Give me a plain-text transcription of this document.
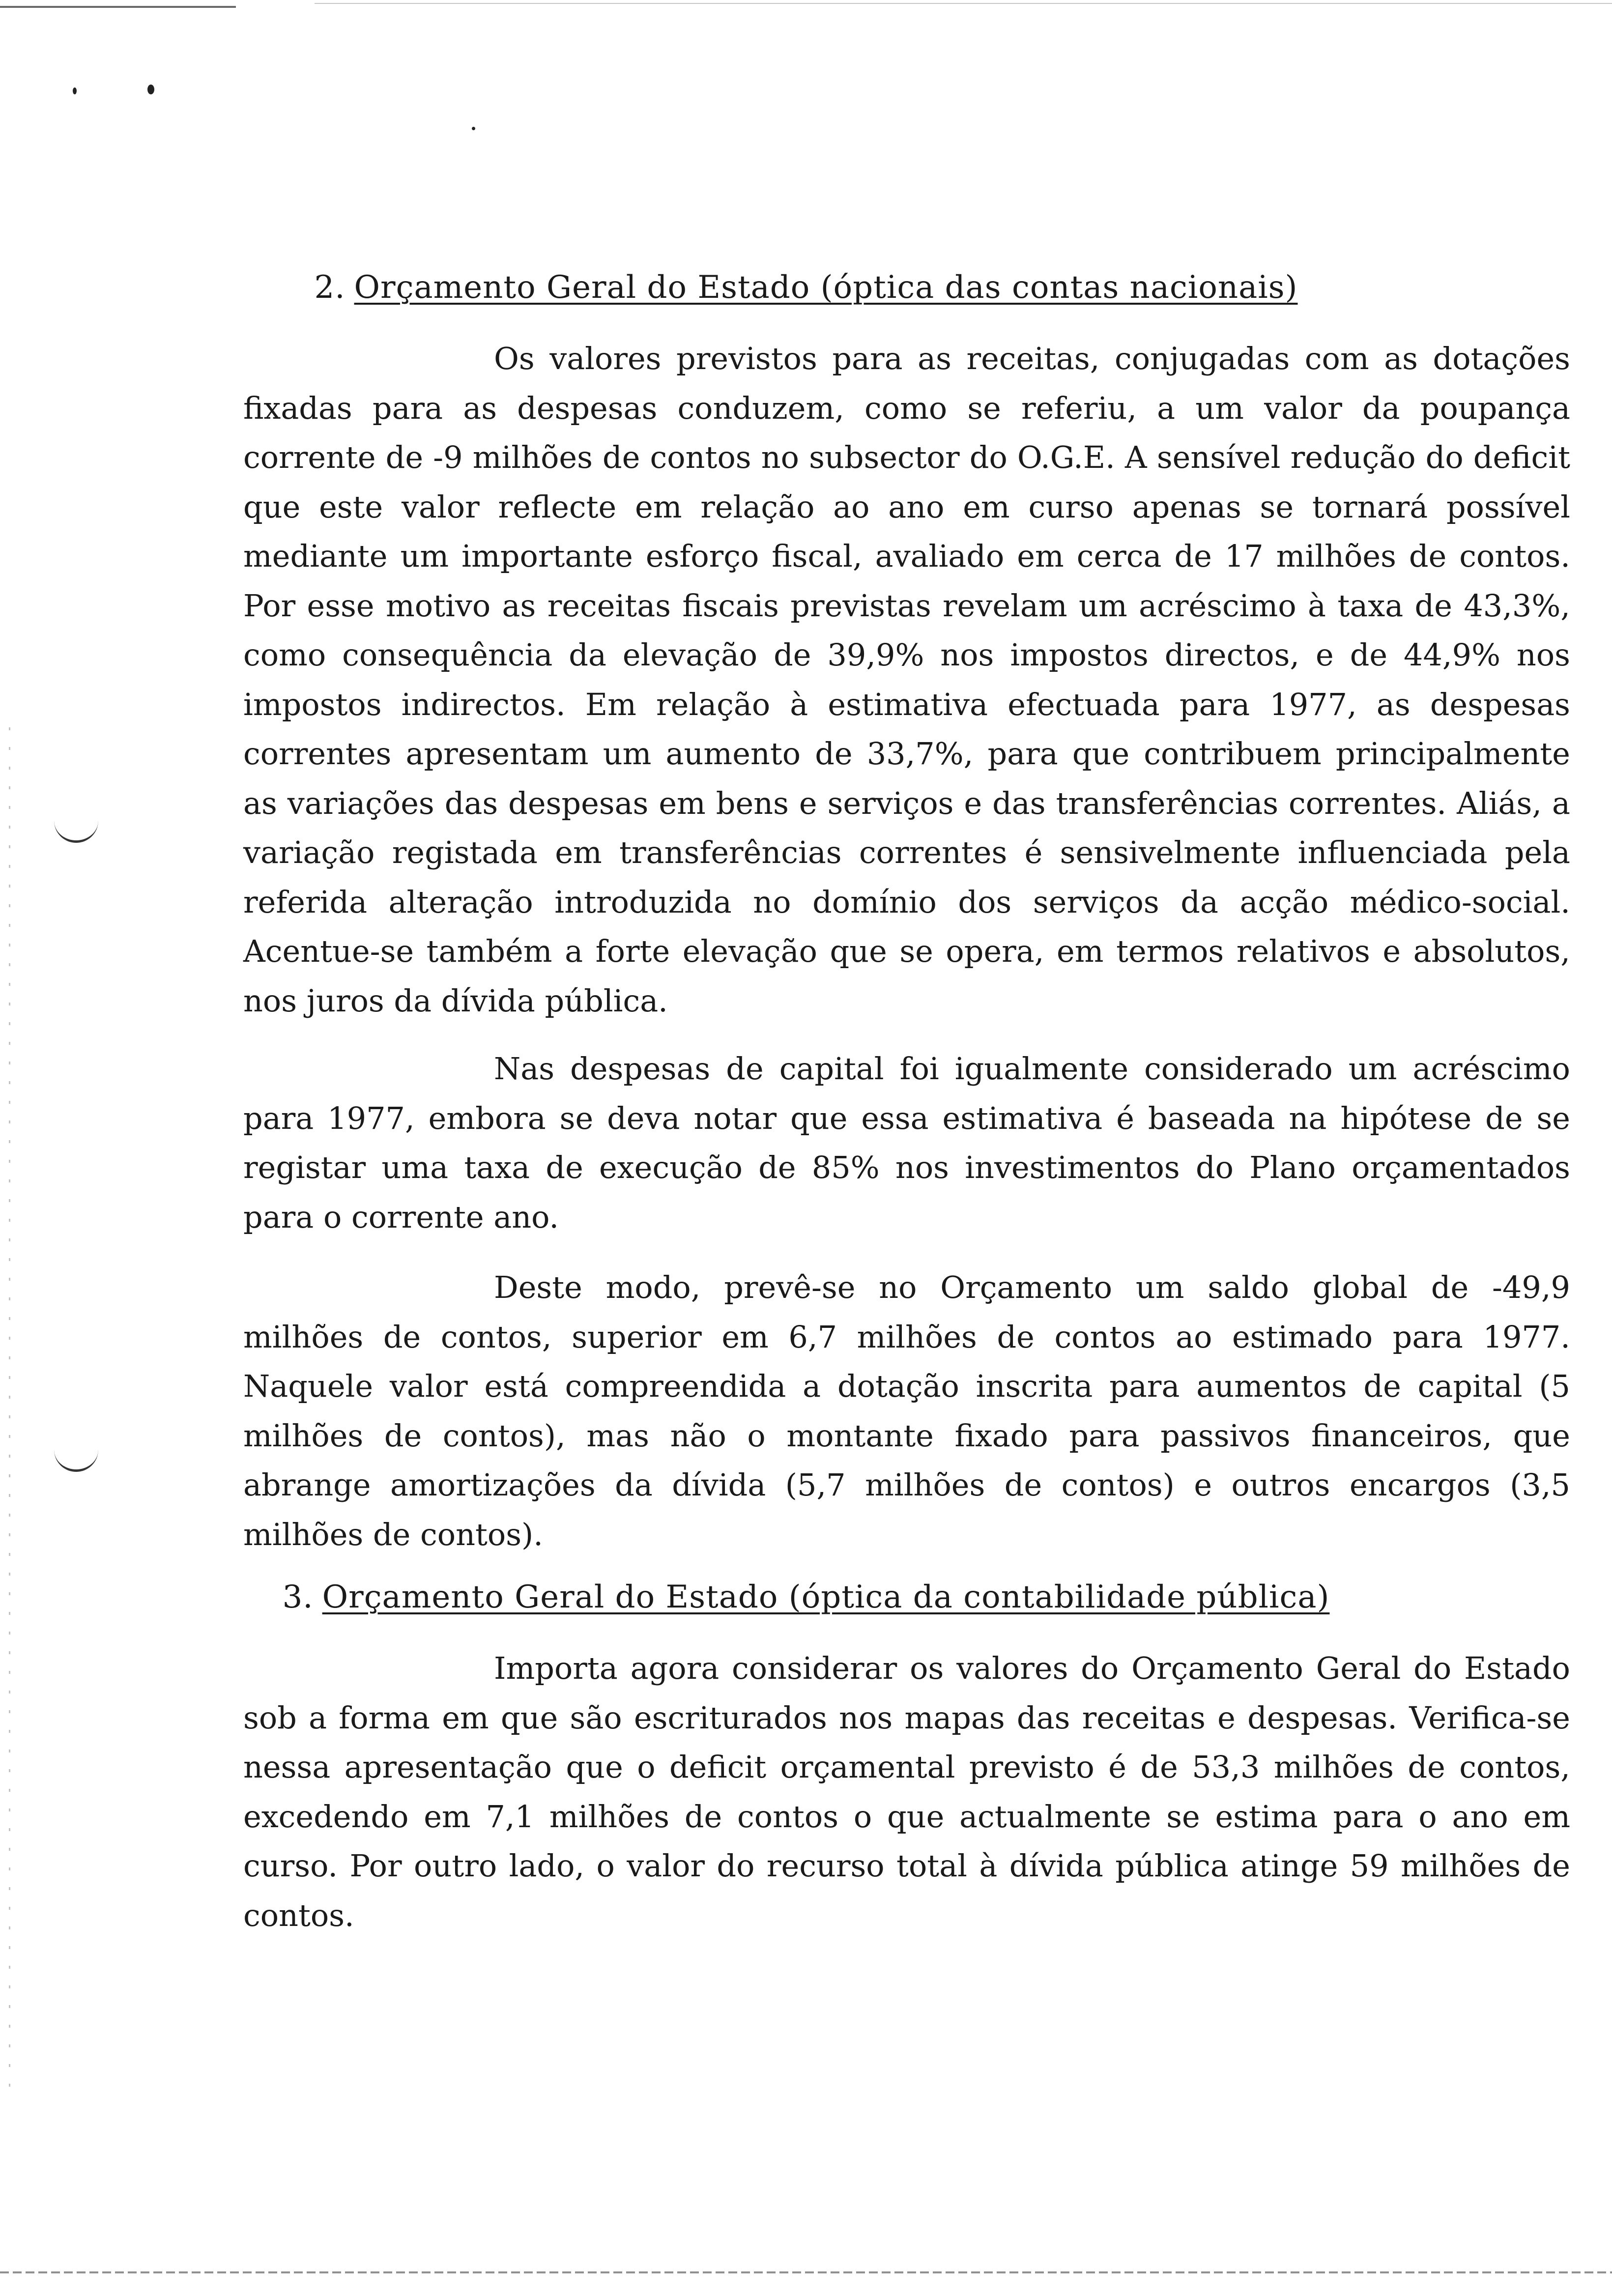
2. Orçamento Geral do Estado (óptica das contas nacionais)

Os valores previstos para as receitas, conjugadas com as dotações fixadas para as despesas conduzem, como se referiu, a um valor da poupança corrente de -9 milhões de contos no subsector do O.G.E. A sensível redução do deficit que este valor reflecte em relação ao ano em curso apenas se tornará possível mediante um importante esforço fiscal, avaliado em cerca de 17 milhões de contos. Por esse motivo as receitas fiscais previstas revelam um acréscimo à taxa de 43,3%, como consequência da elevação de 39,9% nos impostos directos, e de 44,9% nos impostos indirectos. Em relação à estimativa efectuada para 1977, as despesas correntes apresentam um aumento de 33,7%, para que contribuem principalmente as variações das despesas em bens e serviços e das transferências correntes. Aliás, a variação registada em transferências correntes é sensivelmente influenciada pela referida alteração introduzida no domínio dos serviços da acção médico-social. Acentue-se também a forte elevação que se opera, em termos relativos e absolutos, nos juros da dívida pública.

Nas despesas de capital foi igualmente considerado um acréscimo para 1977, embora se deva notar que essa estimativa é baseada na hipótese de se registar uma taxa de execução de 85% nos investimentos do Plano orçamentados para o corrente ano.

Deste modo, prevê-se no Orçamento um saldo global de -49,9 milhões de contos, superior em 6,7 milhões de contos ao estimado para 1977. Naquele valor está compreendida a dotação inscrita para aumentos de capital (5 milhões de contos), mas não o montante fixado para passivos financeiros, que abrange amortizações da dívida (5,7 milhões de contos) e outros encargos (3,5 milhões de contos).

3. Orçamento Geral do Estado (óptica da contabilidade pública)

Importa agora considerar os valores do Orçamento Geral do Estado sob a forma em que são escriturados nos mapas das receitas e despesas. Verifica-se nessa apresentação que o deficit orçamental previsto é de 53,3 milhões de contos, excedendo em 7,1 milhões de contos o que actualmente se estima para o ano em curso. Por outro lado, o valor do recurso total à dívida pública atinge 59 milhões de contos.
